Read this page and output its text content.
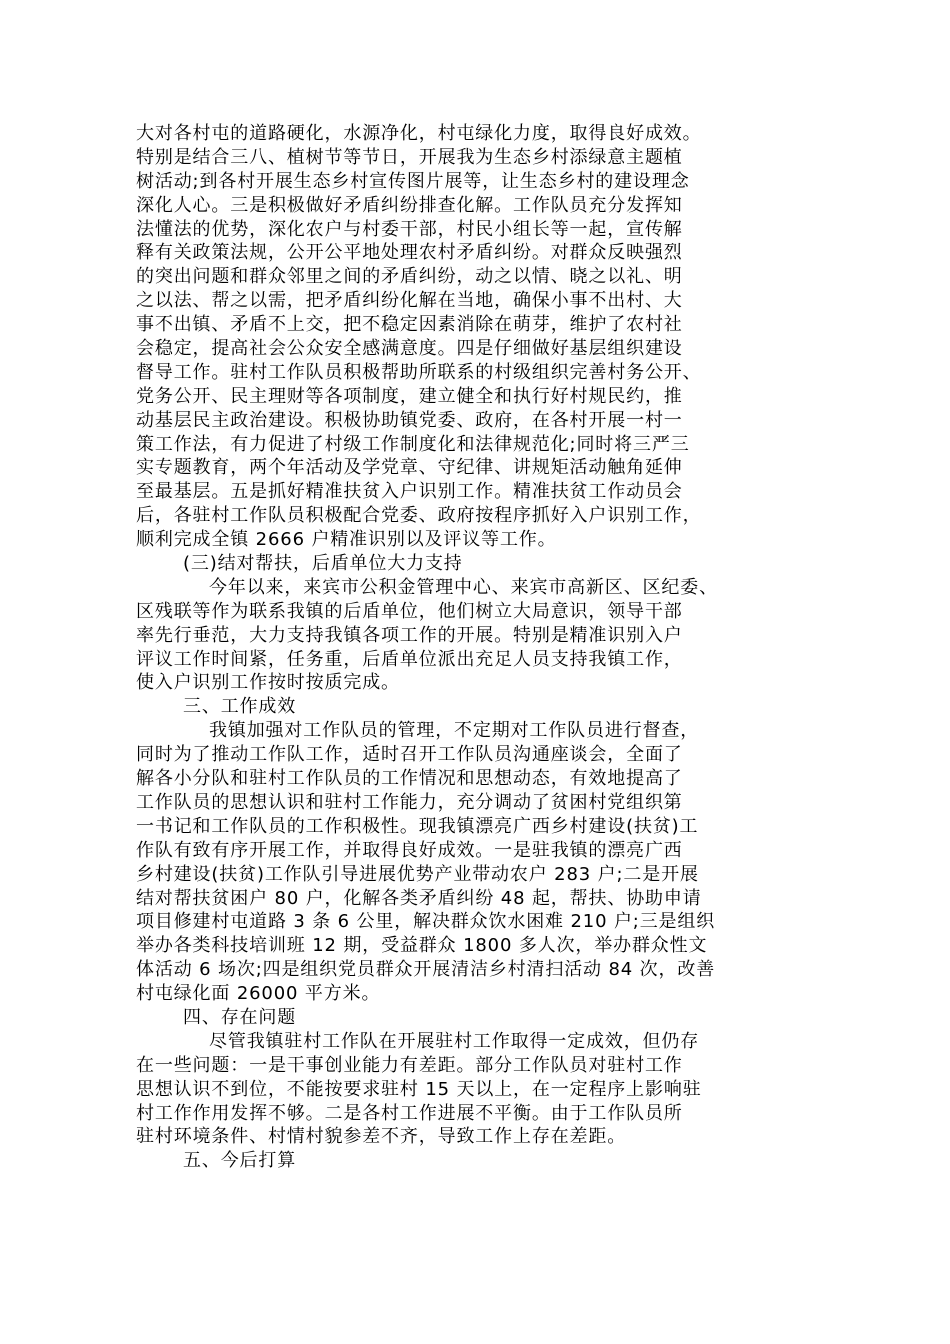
大对各村屯的道路硬化，水源净化，村屯绿化力度，取得良好成效。
特别是结合三八、植树节等节日，开展我为生态乡村添绿意主题植
树活动;到各村开展生态乡村宣传图片展等，让生态乡村的建设理念
深化人心。三是积极做好矛盾纠纷排查化解。工作队员充分发挥知
法懂法的优势，深化农户与村委干部，村民小组长等一起，宣传解
释有关政策法规，公开公平地处理农村矛盾纠纷。对群众反映强烈
的突出问题和群众邻里之间的矛盾纠纷，动之以情、晓之以礼、明
之以法、帮之以需，把矛盾纠纷化解在当地，确保小事不出村、大
事不出镇、矛盾不上交，把不稳定因素消除在萌芽，维护了农村社
会稳定，提高社会公众安全感满意度。四是仔细做好基层组织建设
督导工作。驻村工作队员积极帮助所联系的村级组织完善村务公开、
党务公开、民主理财等各项制度，建立健全和执行好村规民约，推
动基层民主政治建设。积极协助镇党委、政府，在各村开展一村一
策工作法，有力促进了村级工作制度化和法律规范化;同时将三严三
实专题教育，两个年活动及学党章、守纪律、讲规矩活动触角延伸
至最基层。五是抓好精准扶贫入户识别工作。精准扶贫工作动员会
后，各驻村工作队员积极配合党委、政府按程序抓好入户识别工作，
顺利完成全镇 2666 户精准识别以及评议等工作。
(三)结对帮扶，后盾单位大力支持
今年以来，来宾市公积金管理中心、来宾市高新区、区纪委、
区残联等作为联系我镇的后盾单位，他们树立大局意识，领导干部
率先行垂范，大力支持我镇各项工作的开展。特别是精准识别入户
评议工作时间紧，任务重，后盾单位派出充足人员支持我镇工作，
使入户识别工作按时按质完成。
三、工作成效
我镇加强对工作队员的管理，不定期对工作队员进行督查，
同时为了推动工作队工作，适时召开工作队员沟通座谈会，全面了
解各小分队和驻村工作队员的工作情况和思想动态，有效地提高了
工作队员的思想认识和驻村工作能力，充分调动了贫困村党组织第
一书记和工作队员的工作积极性。现我镇漂亮广西乡村建设(扶贫)工
作队有致有序开展工作，并取得良好成效。一是驻我镇的漂亮广西
乡村建设(扶贫)工作队引导进展优势产业带动农户 283 户;二是开展
结对帮扶贫困户 80 户，化解各类矛盾纠纷 48 起，帮扶、协助申请
项目修建村屯道路 3 条 6 公里，解决群众饮水困难 210 户;三是组织
举办各类科技培训班 12 期，受益群众 1800 多人次，举办群众性文
体活动 6 场次;四是组织党员群众开展清洁乡村清扫活动 84 次，改善
村屯绿化面 26000 平方米。
四、存在问题
尽管我镇驻村工作队在开展驻村工作取得一定成效，但仍存
在一些问题：一是干事创业能力有差距。部分工作队员对驻村工作
思想认识不到位，不能按要求驻村 15 天以上，在一定程序上影响驻
村工作作用发挥不够。二是各村工作进展不平衡。由于工作队员所
驻村环境条件、村情村貌参差不齐，导致工作上存在差距。
五、今后打算
